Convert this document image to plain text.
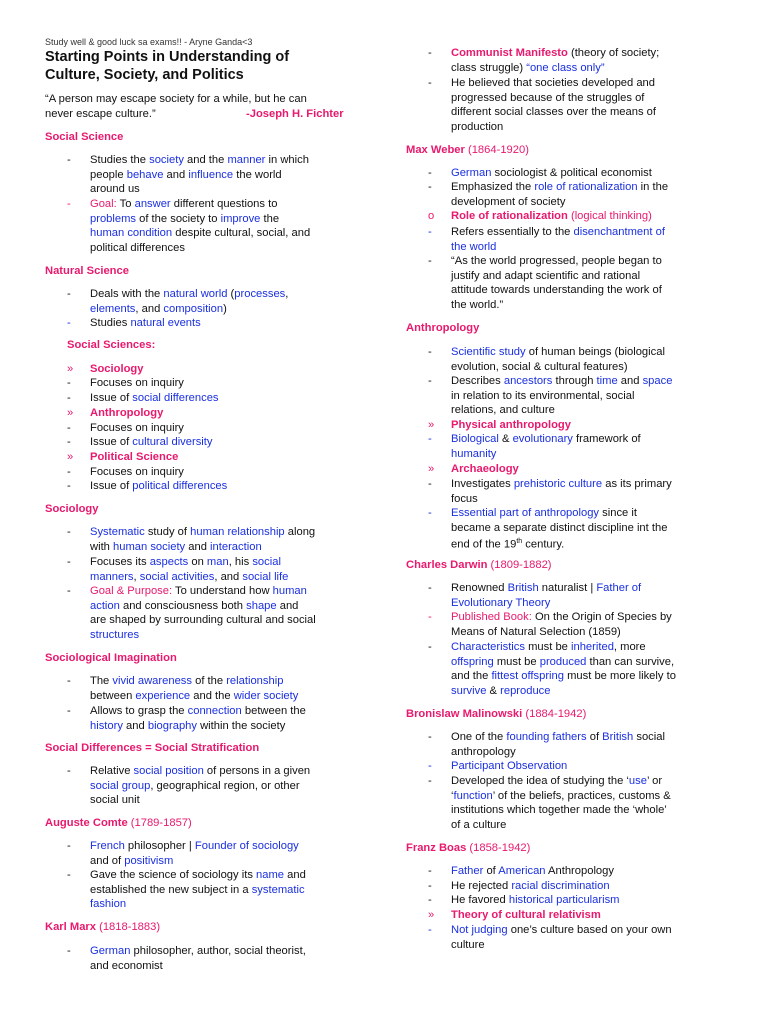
Study well & good luck sa exams!! - Aryne Ganda<3
Starting Points in Understanding of
Culture, Society, and Politics
“A person may escape society for a while, but he can
never escape culture.”	-Joseph H. Fichter
Social Science
-	Studies the society and the manner in which
people behave and influence the world
around us
-	Goal: To answer different questions to
problems of the society to improve the
human condition despite cultural, social, and
political differences
Natural Science
-	Deals with the natural world (processes,
elements, and composition)
-	Studies natural events
Social Sciences:
»	Sociology
-	Focuses on inquiry
-	Issue of social differences
»	Anthropology
-	Focuses on inquiry
-	Issue of cultural diversity
»	Political Science
-	Focuses on inquiry
-	Issue of political differences
Sociology
-	Systematic study of human relationship along
with human society and interaction
-	Focuses its aspects on man, his social
manners, social activities, and social life
-	Goal & Purpose: To understand how human
action and consciousness both shape and
are shaped by surrounding cultural and social
structures
Sociological Imagination
-	The vivid awareness of the relationship
between experience and the wider society
-	Allows to grasp the connection between the
history and biography within the society
Social Differences = Social Stratification
-	Relative social position of persons in a given
social group, geographical region, or other
social unit
Auguste Comte (1789-1857)
-	French philosopher | Founder of sociology
and of positivism
-	Gave the science of sociology its name and
established the new subject in a systematic
fashion
Karl Marx (1818-1883)
-	German philosopher, author, social theorist,
and economist
-	Communist Manifesto (theory of society;
class struggle) “one class only”
-	He believed that societies developed and
progressed because of the struggles of
different social classes over the means of
production
Max Weber (1864-1920)
-	German sociologist & political economist
-	Emphasized the role of rationalization in the
development of society
o	Role of rationalization (logical thinking)
-	Refers essentially to the disenchantment of
the world
-	“As the world progressed, people began to
justify and adapt scientific and rational
attitude towards understanding the work of
the world.”
Anthropology
-	Scientific study of human beings (biological
evolution, social & cultural features)
-	Describes ancestors through time and space
in relation to its environmental, social
relations, and culture
»	Physical anthropology
-	Biological & evolutionary framework of
humanity
»	Archaeology
-	Investigates prehistoric culture as its primary
focus
-	Essential part of anthropology since it
became a separate distinct discipline int the
end of the 19th century.
Charles Darwin (1809-1882)
-	Renowned British naturalist | Father of
Evolutionary Theory
-	Published Book: On the Origin of Species by
Means of Natural Selection (1859)
-	Characteristics must be inherited, more
offspring must be produced than can survive,
and the fittest offspring must be more likely to
survive & reproduce
Bronislaw Malinowski (1884-1942)
-	One of the founding fathers of British social
anthropology
-	Participant Observation
-	Developed the idea of studying the ‘use’ or
‘function’ of the beliefs, practices, customs &
institutions which together made the ‘whole’
of a culture
Franz Boas (1858-1942)
-	Father of American Anthropology
-	He rejected racial discrimination
-	He favored historical particularism
»	Theory of cultural relativism
-	Not judging one’s culture based on your own
culture
